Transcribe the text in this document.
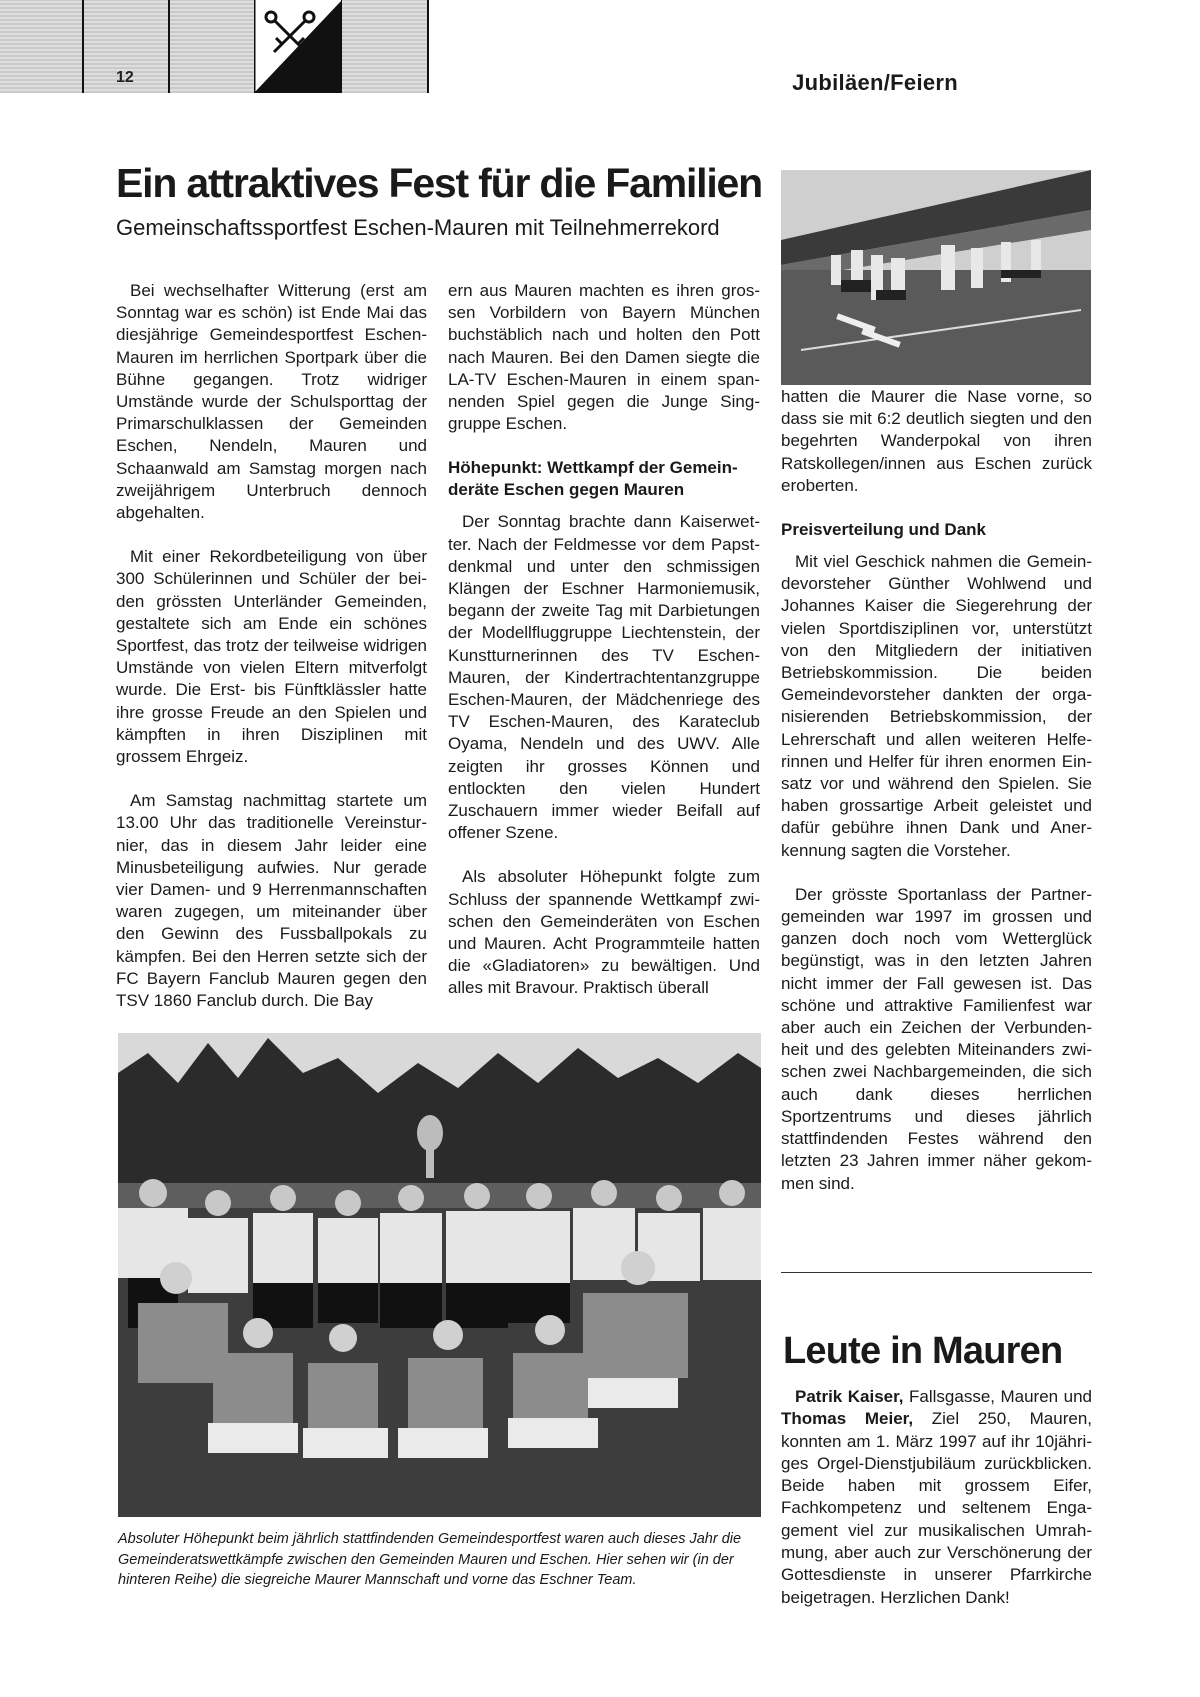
12	Jubiläen/Feiern
Ein attraktives Fest für die Familien
Gemeinschaftssportfest Eschen-Mauren mit Teilnehmerrekord

Bei wechselhafter Witterung (erst am Sonntag war es schön) ist Ende Mai das diesjährige Gemeindesportfest Eschen-Mauren im herrlichen Sportpark über die Bühne gegangen. Trotz widriger Umstände wurde der Schulsporttag der Primarschulklassen der Gemeinden Eschen, Nendeln, Mauren und Schaanwald am Samstag morgen nach zweijährigem Unterbruch dennoch abgehalten.

Mit einer Rekordbeteiligung von über 300 Schülerinnen und Schüler der beiden grössten Unterländer Gemeinden, gestaltete sich am Ende ein schönes Sportfest, das trotz der teilweise widrigen Umstände von vielen Eltern mitverfolgt wurde. Die Erst- bis Fünftklässler hatte ihre grosse Freude an den Spielen und kämpften in ihren Disziplinen mit grossem Ehrgeiz.

Am Samstag nachmittag startete um 13.00 Uhr das traditionelle Vereinsturnier, das in diesem Jahr leider eine Minusbeteiligung aufwies. Nur gerade vier Damen- und 9 Herrenmannschaften waren zugegen, um miteinander über den Gewinn des Fussballpokals zu kämpfen. Bei den Herren setzte sich der FC Bayern Fanclub Mauren gegen den TSV 1860 Fanclub durch. Die Bay

ern aus Mauren machten es ihren grossen Vorbildern von Bayern München buchstäblich nach und holten den Pott nach Mauren. Bei den Damen siegte die LA-TV Eschen-Mauren in einem spannenden Spiel gegen die Junge Singgruppe Eschen.

Höhepunkt: Wettkampf der Gemeinderäte Eschen gegen Mauren

Der Sonntag brachte dann Kaiserwetter. Nach der Feldmesse vor dem Papstdenkmal und unter den schmissigen Klängen der Eschner Harmoniemusik, begann der zweite Tag mit Darbietungen der Modellfluggruppe Liechtenstein, der Kunstturnerinnen des TV Eschen-Mauren, der Kindertrachtentanzgruppe Eschen-Mauren, der Mädchenriege des TV Eschen-Mauren, des Karateclub Oyama, Nendeln und des UWV. Alle zeigten ihr grosses Können und entlockten den vielen Hundert Zuschauern immer wieder Beifall auf offener Szene.

Als absoluter Höhepunkt folgte zum Schluss der spannende Wettkampf zwischen den Gemeinderäten von Eschen und Mauren. Acht Programmteile hatten die «Gladiatoren» zu bewältigen. Und alles mit Bravour. Praktisch überall

hatten die Maurer die Nase vorne, so dass sie mit 6:2 deutlich siegten und den begehrten Wanderpokal von ihren Ratskollegen/innen aus Eschen zurück eroberten.

Preisverteilung und Dank

Mit viel Geschick nahmen die Gemeindevorsteher Günther Wohlwend und Johannes Kaiser die Siegerehrung der vielen Sportdisziplinen vor, unterstützt von den Mitgliedern der initiativen Betriebskommission. Die beiden Gemeindevorsteher dankten der organisierenden Betriebskommission, der Lehrerschaft und allen weiteren Helferinnen und Helfer für ihren enormen Einsatz vor und während den Spielen. Sie haben grossartige Arbeit geleistet und dafür gebühre ihnen Dank und Anerkennung sagten die Vorsteher.

Der grösste Sportanlass der Partnergemeinden war 1997 im grossen und ganzen doch noch vom Wetterglück begünstigt, was in den letzten Jahren nicht immer der Fall gewesen ist. Das schöne und attraktive Familienfest war aber auch ein Zeichen der Verbundenheit und des gelebten Miteinanders zwischen zwei Nachbargemeinden, die sich auch dank dieses herrlichen Sportzentrums und dieses jährlich stattfindenden Festes während den letzten 23 Jahren immer näher gekommen sind.

Absoluter Höhepunkt beim jährlich stattfindenden Gemeindesportfest waren auch dieses Jahr die Gemeinderatswettkämpfe zwischen den Gemeinden Mauren und Eschen. Hier sehen wir (in der hinteren Reihe) die siegreiche Maurer Mannschaft und vorne das Eschner Team.

Leute in Mauren

Patrik Kaiser, Fallsgasse, Mauren und Thomas Meier, Ziel 250, Mauren, konnten am 1. März 1997 auf ihr 10jähriges Orgel-Dienstjubiläum zurückblicken. Beide haben mit grossem Eifer, Fachkompetenz und seltenem Engagement viel zur musikalischen Umrahmung, aber auch zur Verschönerung der Gottesdienste in unserer Pfarrkirche beigetragen. Herzlichen Dank!
